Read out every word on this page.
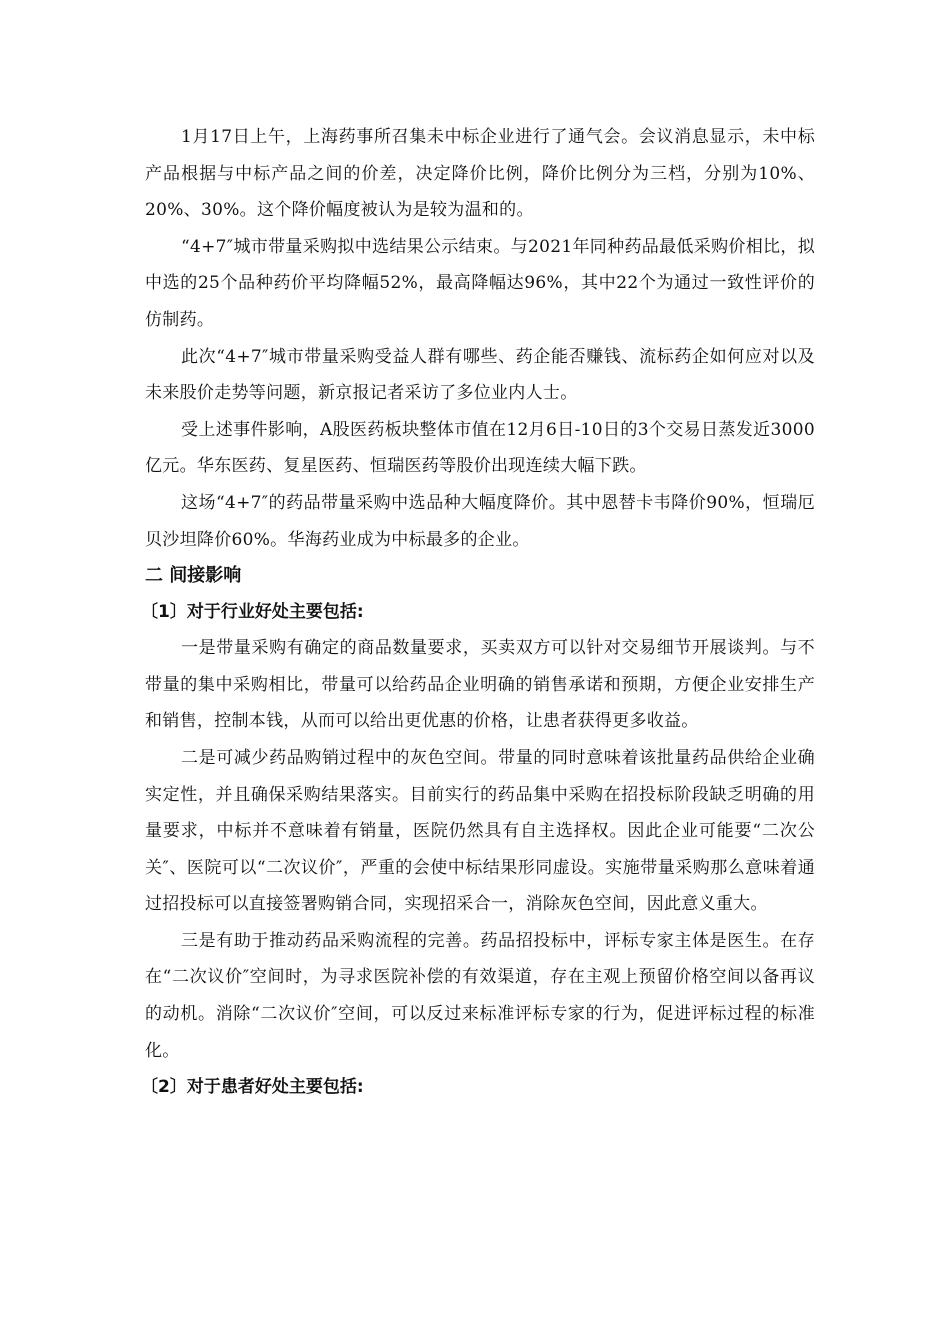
1月17日上午，上海药事所召集未中标企业进行了通气会。会议消息显示，未中标产品根据与中标产品之间的价差，决定降价比例，降价比例分为三档，分别为10%、20%、30%。这个降价幅度被认为是较为温和的。

“4+7″城市带量采购拟中选结果公示结束。与2021年同种药品最低采购价相比，拟中选的25个品种药价平均降幅52%，最高降幅达96%，其中22个为通过一致性评价的仿制药。

此次“4+7″城市带量采购受益人群有哪些、药企能否赚钱、流标药企如何应对以及未来股价走势等问题，新京报记者采访了多位业内人士。

受上述事件影响，A股医药板块整体市值在12月6日-10日的3个交易日蒸发近3000亿元。华东医药、复星医药、恒瑞医药等股价出现连续大幅下跌。

这场“4+7″的药品带量采购中选品种大幅度降价。其中恩替卡韦降价90%，恒瑞厄贝沙坦降价60%。华海药业成为中标最多的企业。

二 间接影响
〔1〕对于行业好处主要包括:

一是带量采购有确定的商品数量要求，买卖双方可以针对交易细节开展谈判。与不带量的集中采购相比，带量可以给药品企业明确的销售承诺和预期，方便企业安排生产和销售，控制本钱，从而可以给出更优惠的价格，让患者获得更多收益。

二是可减少药品购销过程中的灰色空间。带量的同时意味着该批量药品供给企业确实定性，并且确保采购结果落实。目前实行的药品集中采购在招投标阶段缺乏明确的用量要求，中标并不意味着有销量，医院仍然具有自主选择权。因此企业可能要“二次公关″、医院可以“二次议价″，严重的会使中标结果形同虚设。实施带量采购那么意味着通过招投标可以直接签署购销合同，实现招采合一，消除灰色空间，因此意义重大。

三是有助于推动药品采购流程的完善。药品招投标中，评标专家主体是医生。在存在“二次议价″空间时，为寻求医院补偿的有效渠道，存在主观上预留价格空间以备再议的动机。消除“二次议价″空间，可以反过来标准评标专家的行为，促进评标过程的标准化。

〔2〕对于患者好处主要包括:
